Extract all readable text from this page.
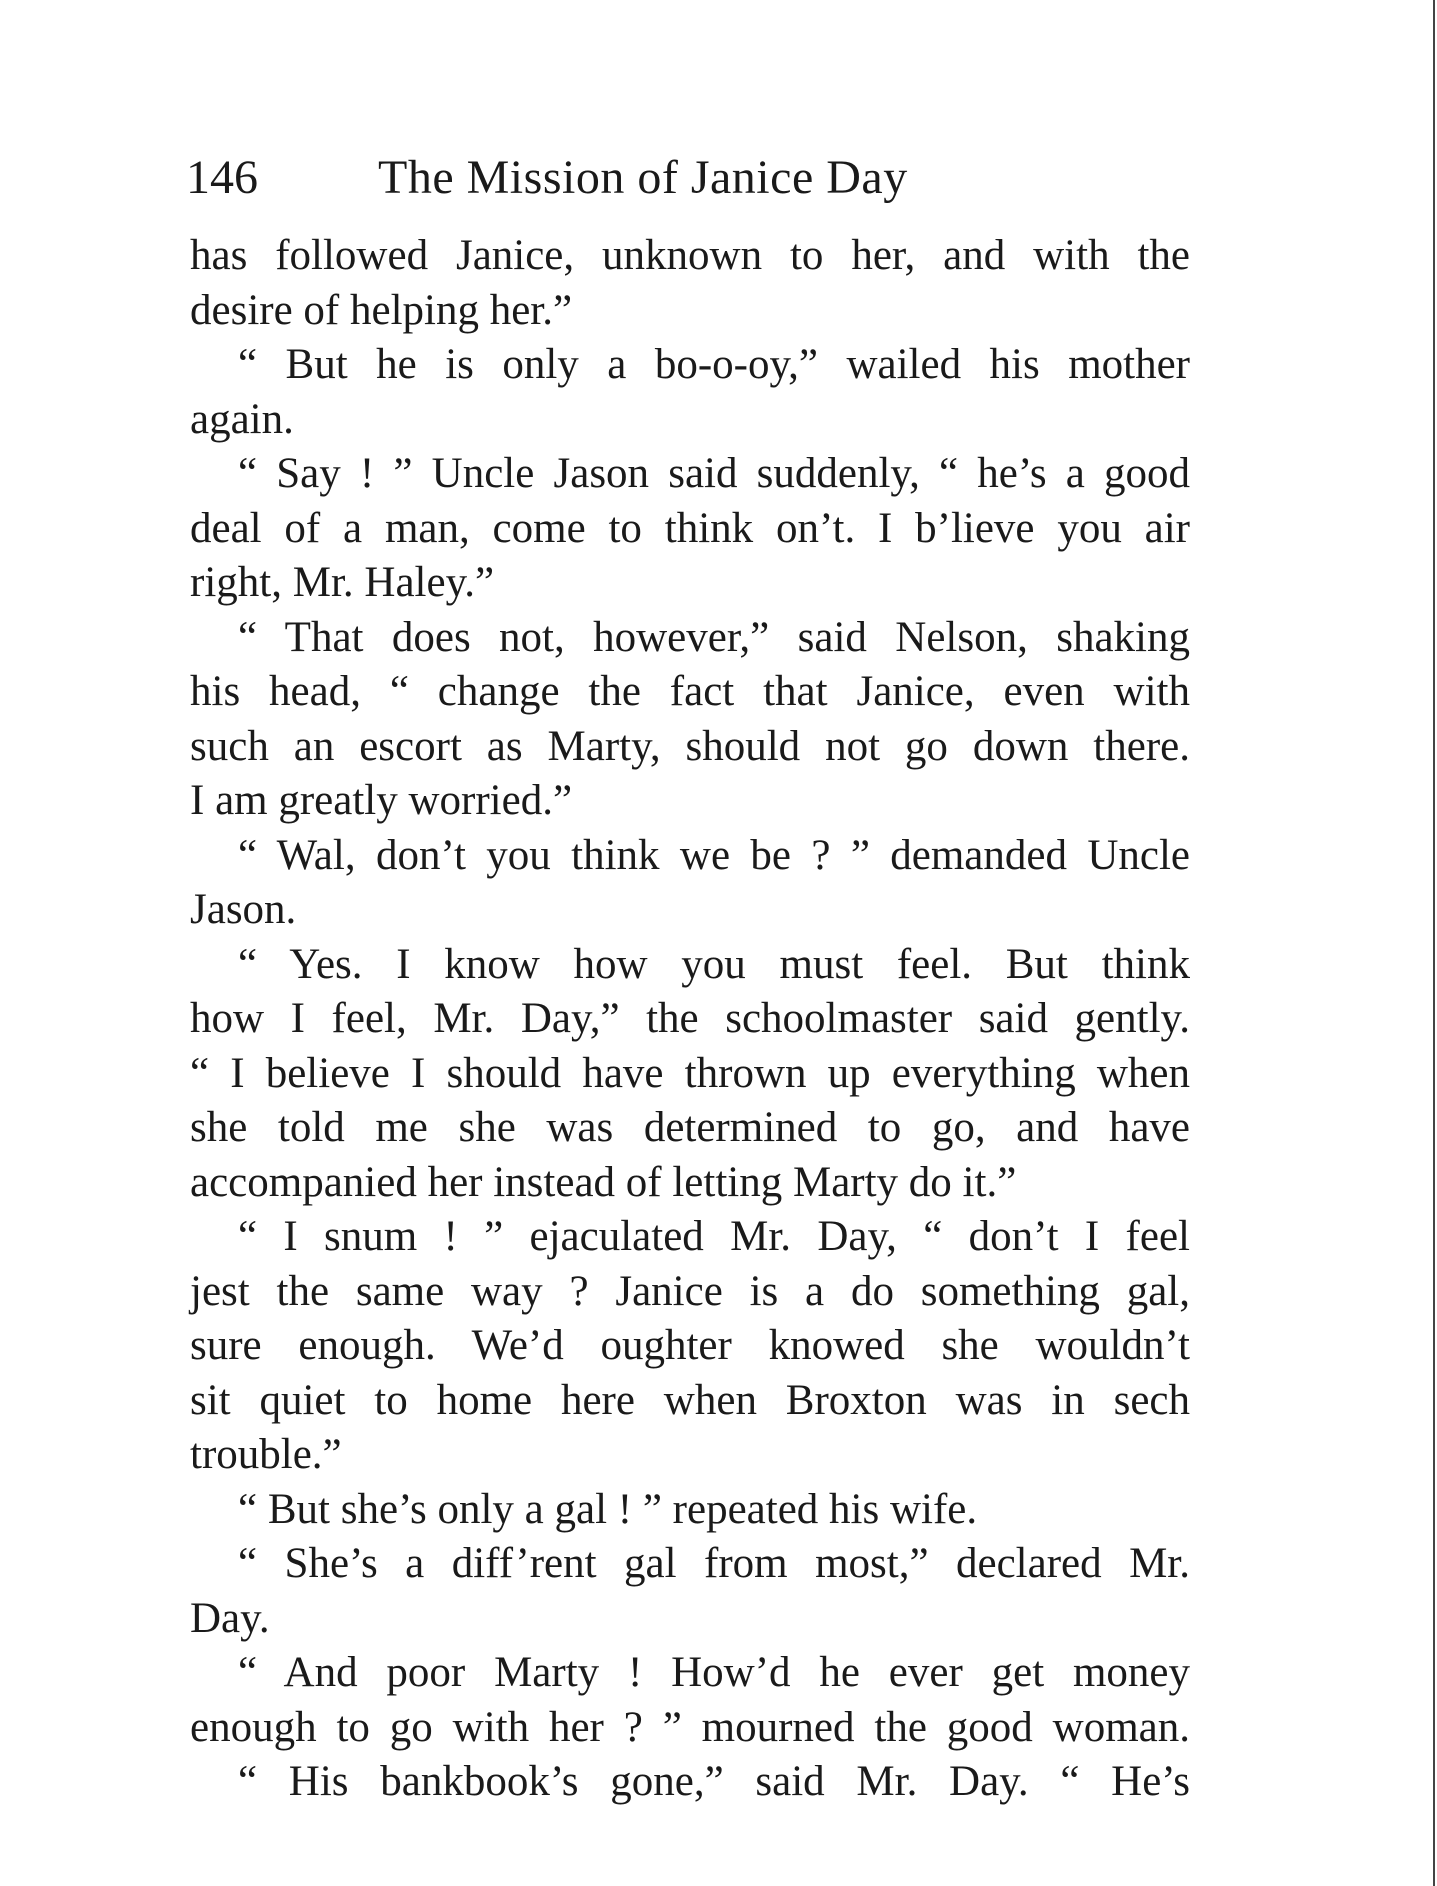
146	The Mission of Janice Day
has followed Janice, unknown to her, and with the
desire of helping her.”
“ But he is only a bo-o-oy,” wailed his mother
again.
“ Say ! ” Uncle Jason said suddenly, “ he’s a good
deal of a man, come to think on’t. I b’lieve you air
right, Mr. Haley.”
“ That does not, however,” said Nelson, shaking
his head, “ change the fact that Janice, even with
such an escort as Marty, should not go down there.
I am greatly worried.”
“ Wal, don’t you think we be ? ” demanded Uncle
Jason.
“ Yes. I know how you must feel. But think
how I feel, Mr. Day,” the schoolmaster said gently.
“ I believe I should have thrown up everything when
she told me she was determined to go, and have
accompanied her instead of letting Marty do it.”
“ I snum ! ” ejaculated Mr. Day, “ don’t I feel
jest the same way ? Janice is a do something gal,
sure enough. We’d oughter knowed she wouldn’t
sit quiet to home here when Broxton was in sech
trouble.”
“ But she’s only a gal ! ” repeated his wife.
“ She’s a diff’rent gal from most,” declared Mr.
Day.
“ And poor Marty ! How’d he ever get money
enough to go with her ? ” mourned the good woman.
“ His bankbook’s gone,” said Mr. Day. “ He’s
